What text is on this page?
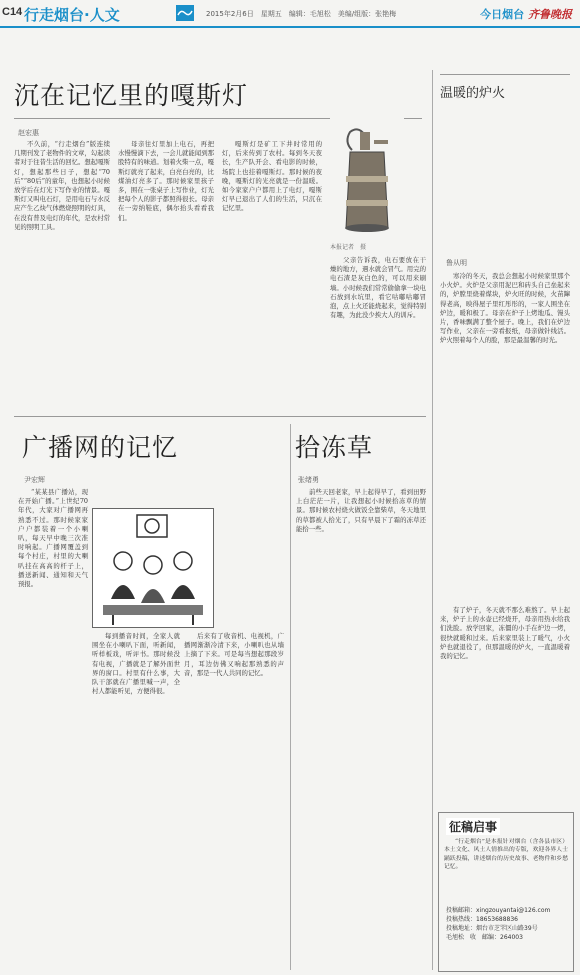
C14 行走烟台·人文	2015年2月6日　星期五　编辑：毛旭松　美编/组版：张艳梅	今日烟台 齐鲁晚报
沉在记忆里的嘎斯灯
赵宏惠
不久前，“行走烟台”版连续几期刊发了老物件的文章，勾起读者对于往昔生活的回忆。想起嘎斯灯，想起那些日子，想起“70后”“80后”的童年，也想起小时候放学后在灯光下写作业的情景。嘎斯灯又叫电石灯，是用电石与水反应产生乙炔气体燃烧照明的灯具，在没有普及电灯的年代，是农村常见的照明工具。
母亲往灯里加上电石，再把水慢慢滴下去，一会儿就能闻到那股特有的味道。划着火柴一点，嘎斯灯就亮了起来，白亮白亮的，比煤油灯亮多了。那时候家里孩子多，围在一张桌子上写作业，灯光把每个人的影子都照得很长。母亲在一旁纳鞋底，偶尔抬头看看我们。
嘎斯灯是矿工下井时常用的灯，后来传到了农村。每到冬天夜长，生产队开会、看电影的时候，场院上也挂着嘎斯灯。那时候的夜晚，嘎斯灯的光亮就是一份温暖。如今家家户户都用上了电灯，嘎斯灯早已退出了人们的生活，只沉在记忆里。
父亲告诉我，电石要放在干燥的地方，遇水就会冒气。用完的电石渣是灰白色的，可以用来刷墙。小时候我们常常偷偷拿一块电石放到水坑里，看它咕嘟咕嘟冒泡，点上火还能烧起来，觉得特别有趣，为此没少挨大人的训斥。
本报记者　摄
温暖的炉火
鲁从明
寒冷的冬天，我总会想起小时候家里那个小火炉。火炉是父亲用泥巴和砖头自己垒起来的，炉膛里烧着煤块，炉火旺的时候，火苗蹿得老高，映得屋子里红彤彤的，一家人围坐在炉边，暖和极了。母亲在炉子上烤地瓜、馒头片，香味飘满了整个屋子。晚上，我们在炉边写作业，父亲在一旁看报纸，母亲做针线活。炉火照着每个人的脸，那是最温馨的时光。
有了炉子，冬天就不那么难熬了。早上起来，炉子上的水壶已经烧开，母亲用热水给我们洗脸。放学回家，冻僵的小手在炉边一烤，很快就暖和过来。后来家里装上了暖气，小火炉也就退役了，但那温暖的炉火，一直温暖着我的记忆。
广播网的记忆
尹宏辉
“某某县广播站，现在开始广播。”上世纪70年代，大家对广播网再熟悉不过。那时候家家户户都装着一个小喇叭，每天早中晚三次准时响起。广播网覆盖到每个村庄，村里的大喇叭挂在高高的杆子上，播送新闻、通知和天气预报。
每到播音时间，全家人就围坐在小喇叭下面，听新闻，听样板戏，听评书。那时候没有电视，广播就是了解外面世界的窗口。村里有什么事，大队干部就在广播里喊一声，全村人都能听见，方便得很。
后来有了收音机、电视机，广播网渐渐冷清下来，小喇叭也从墙上摘了下来。可是每当想起那段岁月，耳边仿佛又响起那熟悉的声音，那是一代人共同的记忆。
拾冻草
张绪勇
前些天回老家，早上起得早了，看到田野上白茫茫一片，让我想起小时候拾冻草的情景。那时候农村烧火做饭全靠柴草，冬天地里的草都被人拾光了，只有早晨下了霜的冻草还能拾一些。
征稿启事
“行走烟台”是本报针对烟台（含各县市区）本土文化、风土人情推出的专版，欢迎各界人士踊跃投稿，讲述烟台的历史故事、老物件和乡愁记忆。
投稿邮箱：xingzouyantai@126.com
投稿热线：18653688836
投稿地址：烟台市芝罘区山路39号
毛旭松　收　邮编：264003
